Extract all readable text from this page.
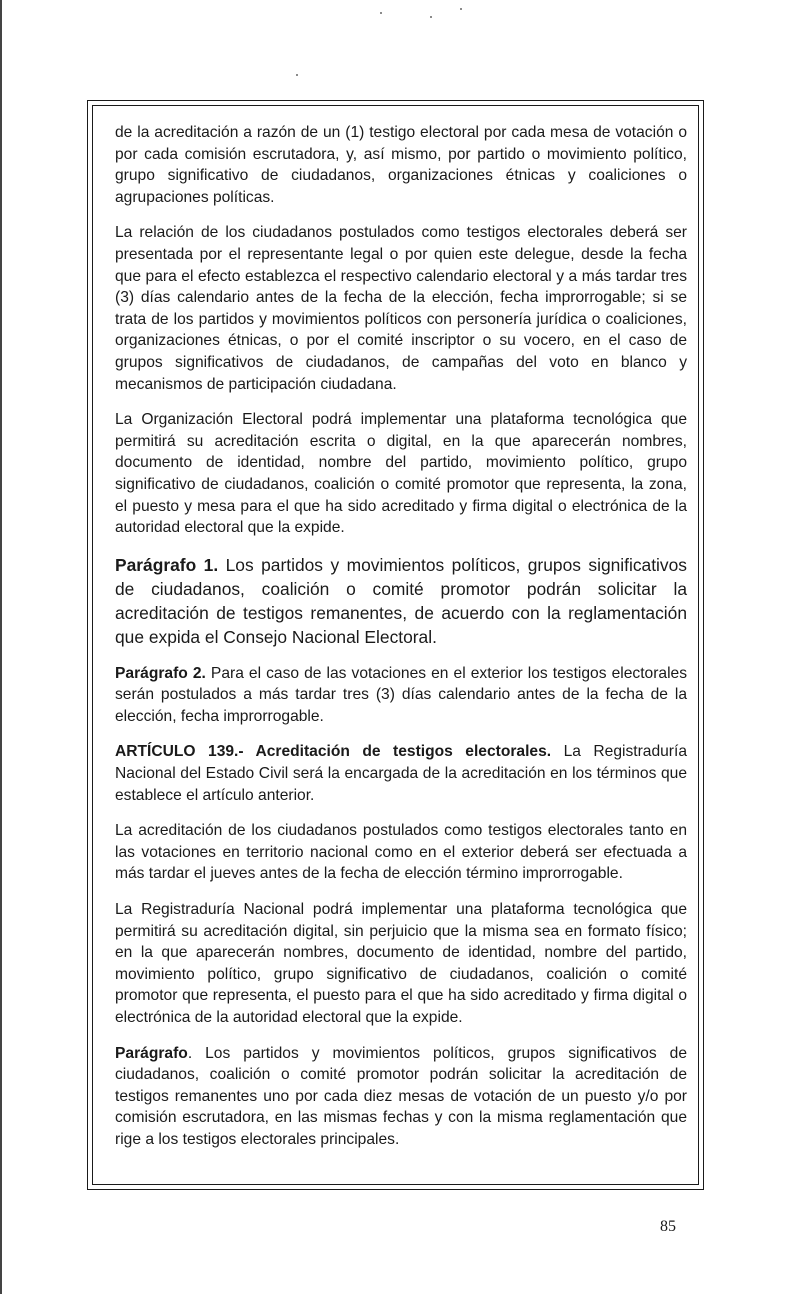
de la acreditación a razón de un (1) testigo electoral por cada mesa de votación o por cada comisión escrutadora, y, así mismo, por partido o movimiento político, grupo significativo de ciudadanos, organizaciones étnicas y coaliciones o agrupaciones políticas.

La relación de los ciudadanos postulados como testigos electorales deberá ser presentada por el representante legal o por quien este delegue, desde la fecha que para el efecto establezca el respectivo calendario electoral y a más tardar tres (3) días calendario antes de la fecha de la elección, fecha improrrogable; si se trata de los partidos y movimientos políticos con personería jurídica o coaliciones, organizaciones étnicas, o por el comité inscriptor o su vocero, en el caso de grupos significativos de ciudadanos, de campañas del voto en blanco y mecanismos de participación ciudadana.

La Organización Electoral podrá implementar una plataforma tecnológica que permitirá su acreditación escrita o digital, en la que aparecerán nombres, documento de identidad, nombre del partido, movimiento político, grupo significativo de ciudadanos, coalición o comité promotor que representa, la zona, el puesto y mesa para el que ha sido acreditado y firma digital o electrónica de la autoridad electoral que la expide.

Parágrafo 1. Los partidos y movimientos políticos, grupos significativos de ciudadanos, coalición o comité promotor podrán solicitar la acreditación de testigos remanentes, de acuerdo con la reglamentación que expida el Consejo Nacional Electoral.

Parágrafo 2. Para el caso de las votaciones en el exterior los testigos electorales serán postulados a más tardar tres (3) días calendario antes de la fecha de la elección, fecha improrrogable.

ARTÍCULO 139.- Acreditación de testigos electorales. La Registraduría Nacional del Estado Civil será la encargada de la acreditación en los términos que establece el artículo anterior.

La acreditación de los ciudadanos postulados como testigos electorales tanto en las votaciones en territorio nacional como en el exterior deberá ser efectuada a más tardar el jueves antes de la fecha de elección término improrrogable.

La Registraduría Nacional podrá implementar una plataforma tecnológica que permitirá su acreditación digital, sin perjuicio que la misma sea en formato físico; en la que aparecerán nombres, documento de identidad, nombre del partido, movimiento político, grupo significativo de ciudadanos, coalición o comité promotor que representa, el puesto para el que ha sido acreditado y firma digital o electrónica de la autoridad electoral que la expide.

Parágrafo. Los partidos y movimientos políticos, grupos significativos de ciudadanos, coalición o comité promotor podrán solicitar la acreditación de testigos remanentes uno por cada diez mesas de votación de un puesto y/o por comisión escrutadora, en las mismas fechas y con la misma reglamentación que rige a los testigos electorales principales.

85
